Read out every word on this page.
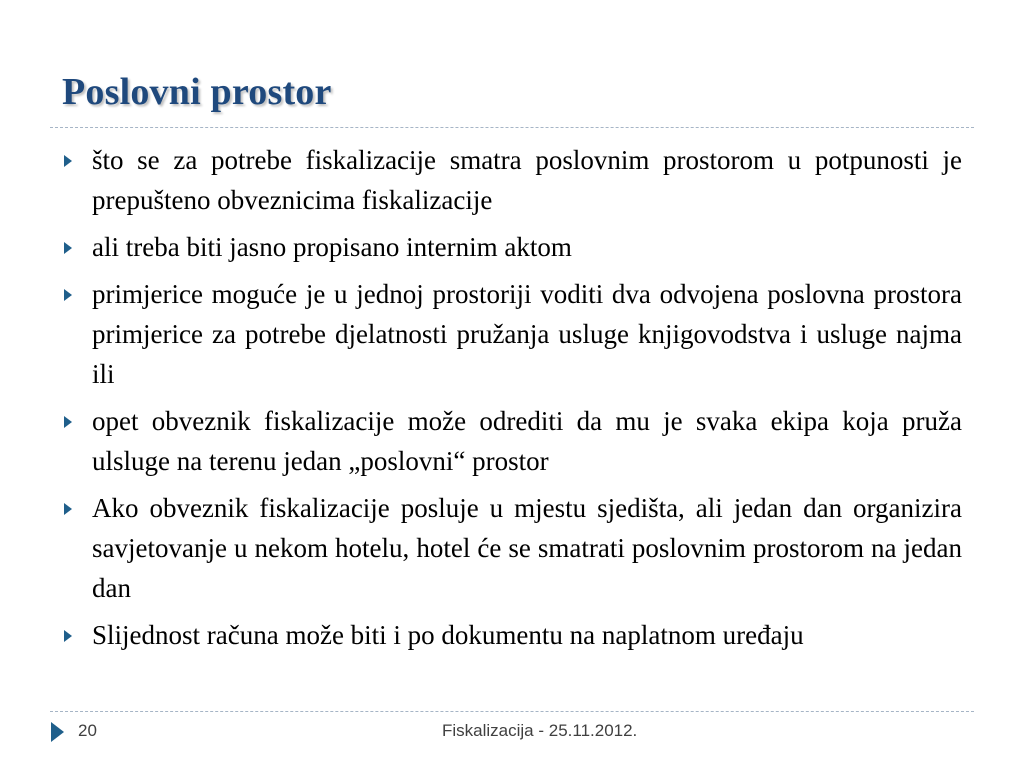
Poslovni prostor
što se za potrebe fiskalizacije smatra poslovnim prostorom u potpunosti je prepušteno obveznicima fiskalizacije
ali treba biti jasno propisano internim aktom
primjerice moguće je u jednoj prostoriji voditi dva odvojena poslovna prostora primjerice za potrebe djelatnosti pružanja usluge knjigovodstva i usluge najma ili
opet obveznik fiskalizacije može odrediti da mu je svaka ekipa koja pruža ulsluge na terenu jedan „poslovni“ prostor
Ako obveznik fiskalizacije posluje u mjestu sjedišta, ali jedan dan organizira savjetovanje u nekom hotelu, hotel će se smatrati poslovnim prostorom na jedan dan
Slijednost računa može biti i po dokumentu na naplatnom uređaju
20	Fiskalizacija - 25.11.2012.
